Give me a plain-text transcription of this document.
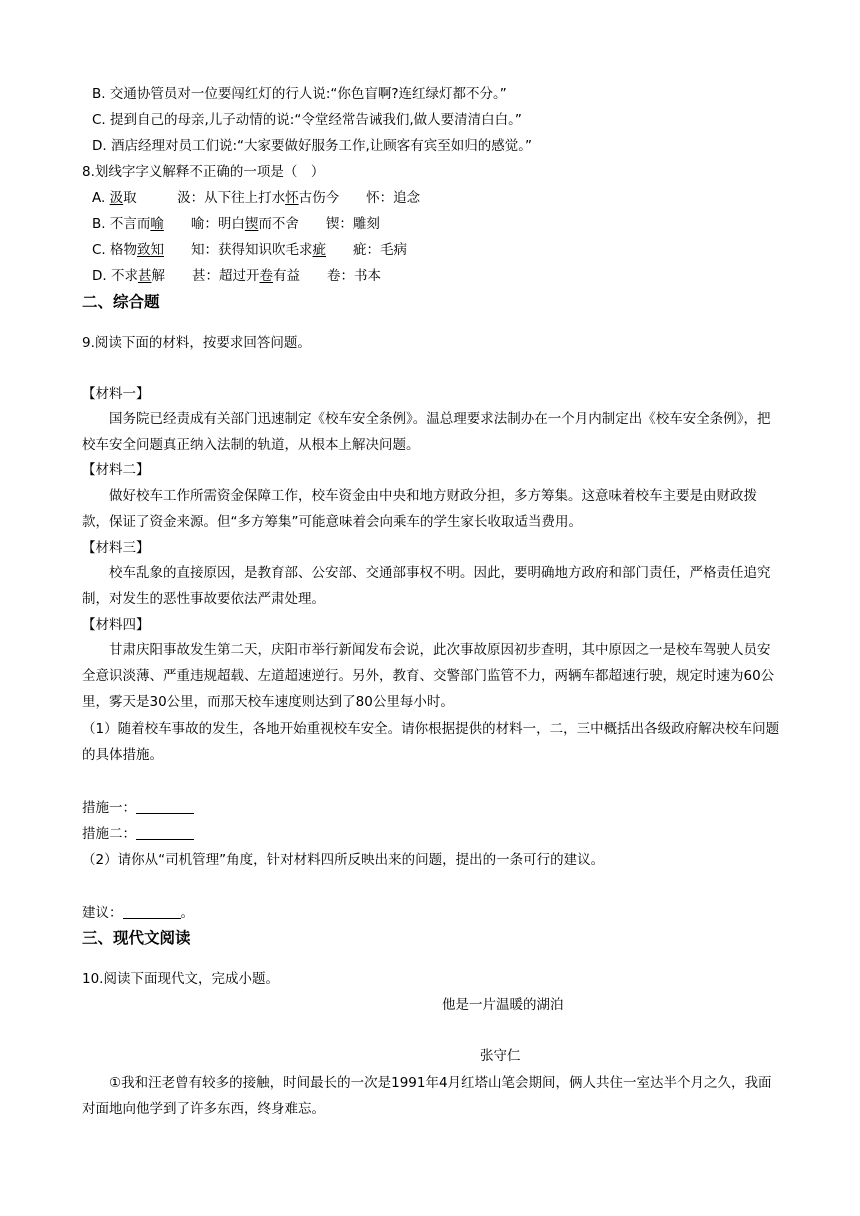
B. 交通协管员对一位要闯红灯的行人说:“你色盲啊?连红绿灯都不分。”
C. 提到自己的母亲,儿子动情的说:“令堂经常告诫我们,做人要清清白白。”
D. 酒店经理对员工们说:“大家要做好服务工作,让顾客有宾至如归的感觉。”
8.划线字字义解释不正确的一项是（　）
A. 汲取　　　汲：从下往上打水怀古伤今　　怀：追念
B. 不言而喻　　喻：明白锲而不舍　　锲：雕刻
C. 格物致知　　知：获得知识吹毛求疵　　疵：毛病
D. 不求甚解　　甚：超过开卷有益　　卷：书本
二、综合题
9.阅读下面的材料，按要求回答问题。
【材料一】
国务院已经责成有关部门迅速制定《校车安全条例》。温总理要求法制办在一个月内制定出《校车安全条例》，把校车安全问题真正纳入法制的轨道，从根本上解决问题。
【材料二】
做好校车工作所需资金保障工作，校车资金由中央和地方财政分担，多方筹集。这意味着校车主要是由财政拨款，保证了资金来源。但“多方筹集”可能意味着会向乘车的学生家长收取适当费用。
【材料三】
校车乱象的直接原因，是教育部、公安部、交通部事权不明。因此，要明确地方政府和部门责任，严格责任追究制，对发生的恶性事故要依法严肃处理。
【材料四】
甘肃庆阳事故发生第二天，庆阳市举行新闻发布会说，此次事故原因初步查明，其中原因之一是校车驾驶人员安全意识淡薄、严重违规超载、左道超速逆行。另外，教育、交警部门监管不力，两辆车都超速行驶，规定时速为60公里，雾天是30公里，而那天校车速度则达到了80公里每小时。
（1）随着校车事故的发生，各地开始重视校车安全。请你根据提供的材料一，二，三中概括出各级政府解决校车问题的具体措施。
措施一：
措施二：
（2）请你从“司机管理”角度，针对材料四所反映出来的问题，提出的一条可行的建议。
建议：	。
三、现代文阅读
10.阅读下面现代文，完成小题。
他是一片温暖的湖泊
张守仁
①我和汪老曾有较多的接触，时间最长的一次是1991年4月红塔山笔会期间，俩人共住一室达半个月之久，我面对面地向他学到了许多东西，终身难忘。
